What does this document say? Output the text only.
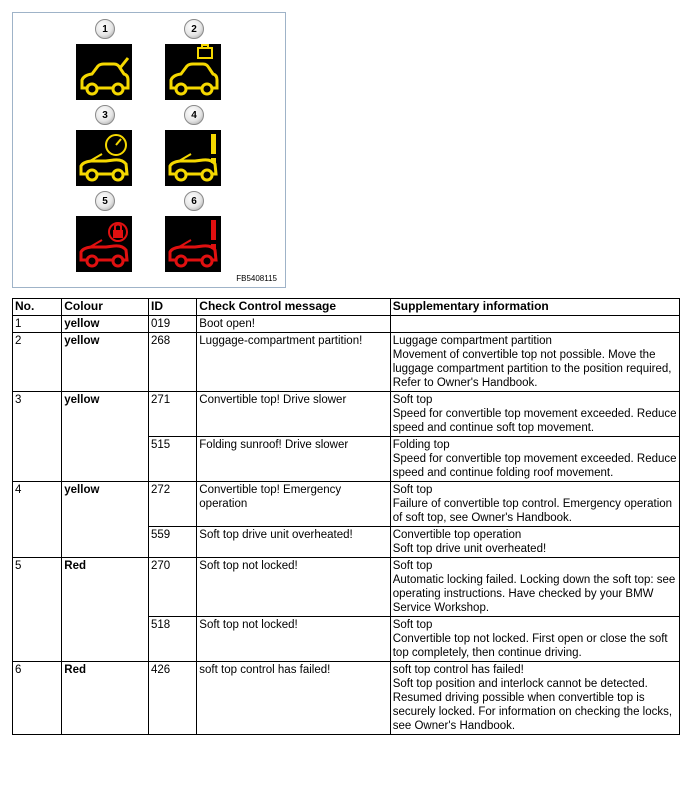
FB5408115
1	2
3	4
5	6
No.	Colour	ID	Check Control message	Supplementary information
1	yellow	019	Boot open!	
2	yellow	268	Luggage-compartment partition!	Luggage compartment partition
Movement of convertible top not possible. Move the luggage compartment partition to the position required, Refer to Owner's Handbook.

3	yellow	271	Convertible top! Drive slower	Soft top
Speed for convertible top movement exceeded. Reduce speed and continue soft top movement.

		515	Folding sunroof! Drive slower	Folding top
Speed for convertible top movement exceeded. Reduce speed and continue folding roof movement.

4	yellow	272	Convertible top! Emergency operation	Soft top
Failure of convertible top control. Emergency operation of soft top, see Owner's Handbook.

		559	Soft top drive unit overheated!	Convertible top operation
Soft top drive unit overheated!

5	Red	270	Soft top not locked!	Soft top
Automatic locking failed. Locking down the soft top: see operating instructions. Have checked by your BMW Service Workshop.

		518	Soft top not locked!	Soft top
Convertible top not locked. First open or close the soft top completely, then continue driving.

6	Red	426	soft top control has failed!	soft top control has failed!
Soft top position and interlock cannot be detected. Resumed driving possible when convertible top is securely locked. For information on checking the locks, see Owner's Handbook.
